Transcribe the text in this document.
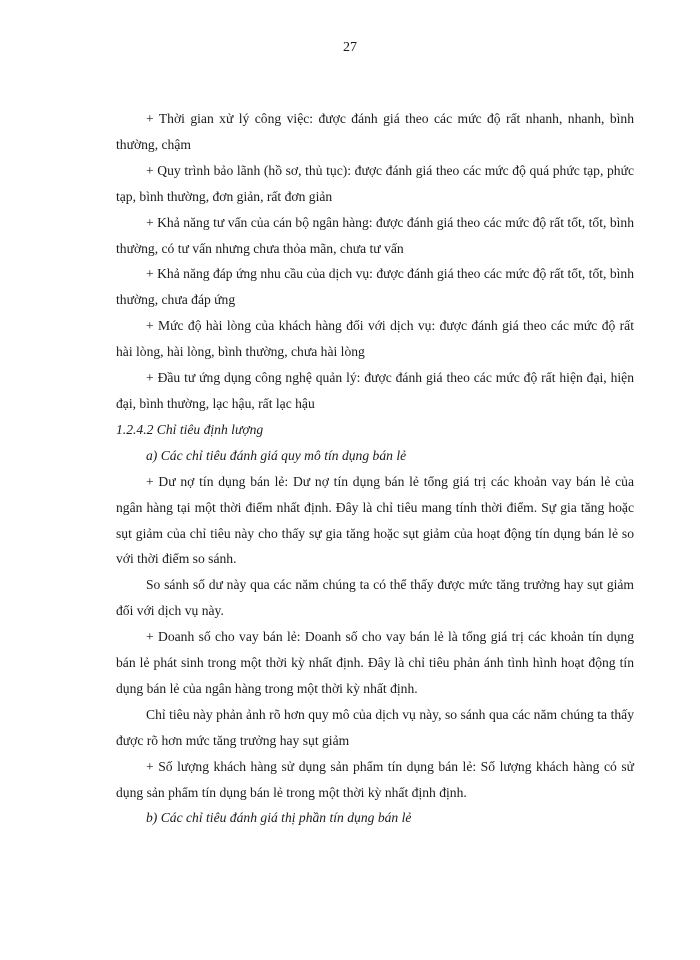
27

+ Thời gian xử lý công việc: được đánh giá theo các mức độ rất nhanh, nhanh, bình thường, chậm

+ Quy trình bảo lãnh (hồ sơ, thủ tục): được đánh giá theo các mức độ quá phức tạp, phức tạp, bình thường, đơn giản, rất đơn giản

+ Khả năng tư vấn của cán bộ ngân hàng: được đánh giá theo các mức độ rất tốt, tốt, bình thường, có tư vấn nhưng chưa thỏa mãn, chưa tư vấn

+ Khả năng đáp ứng nhu cầu của dịch vụ: được đánh giá theo các mức độ rất tốt, tốt, bình thường, chưa đáp ứng

+ Mức độ hài lòng của khách hàng đối với dịch vụ: được đánh giá theo các mức độ rất hài lòng, hài lòng, bình thường, chưa hài lòng

+ Đầu tư ứng dụng công nghệ quản lý: được đánh giá theo các mức độ rất hiện đại, hiện đại, bình thường, lạc hậu, rất lạc hậu

1.2.4.2 Chỉ tiêu định lượng

a) Các chỉ tiêu đánh giá quy mô tín dụng bán lẻ

+ Dư nợ tín dụng bán lẻ: Dư nợ tín dụng bán lẻ tổng giá trị các khoản vay bán lẻ của ngân hàng tại một thời điểm nhất định. Đây là chỉ tiêu mang tính thời điểm. Sự gia tăng hoặc sụt giảm của chỉ tiêu này cho thấy sự gia tăng hoặc sụt giảm của hoạt động tín dụng bán lẻ so với thời điểm so sánh.

So sánh số dư này qua các năm chúng ta có thể thấy được mức tăng trưởng hay sụt giảm đối với dịch vụ này.

+ Doanh số cho vay bán lẻ: Doanh số cho vay bán lẻ là tổng giá trị các khoản tín dụng bán lẻ phát sinh trong một thời kỳ nhất định. Đây là chỉ tiêu phản ánh tình hình hoạt động tín dụng bán lẻ của ngân hàng trong một thời kỳ nhất định.

Chỉ tiêu này phản ảnh rõ hơn quy mô của dịch vụ này, so sánh qua các năm chúng ta thấy được rõ hơn mức tăng trưởng hay sụt giảm

+ Số lượng khách hàng sử dụng sản phẩm tín dụng bán lẻ: Số lượng khách hàng có sử dụng sản phẩm tín dụng bán lẻ trong một thời kỳ nhất định định.

b) Các chỉ tiêu đánh giá thị phần tín dụng bán lẻ
